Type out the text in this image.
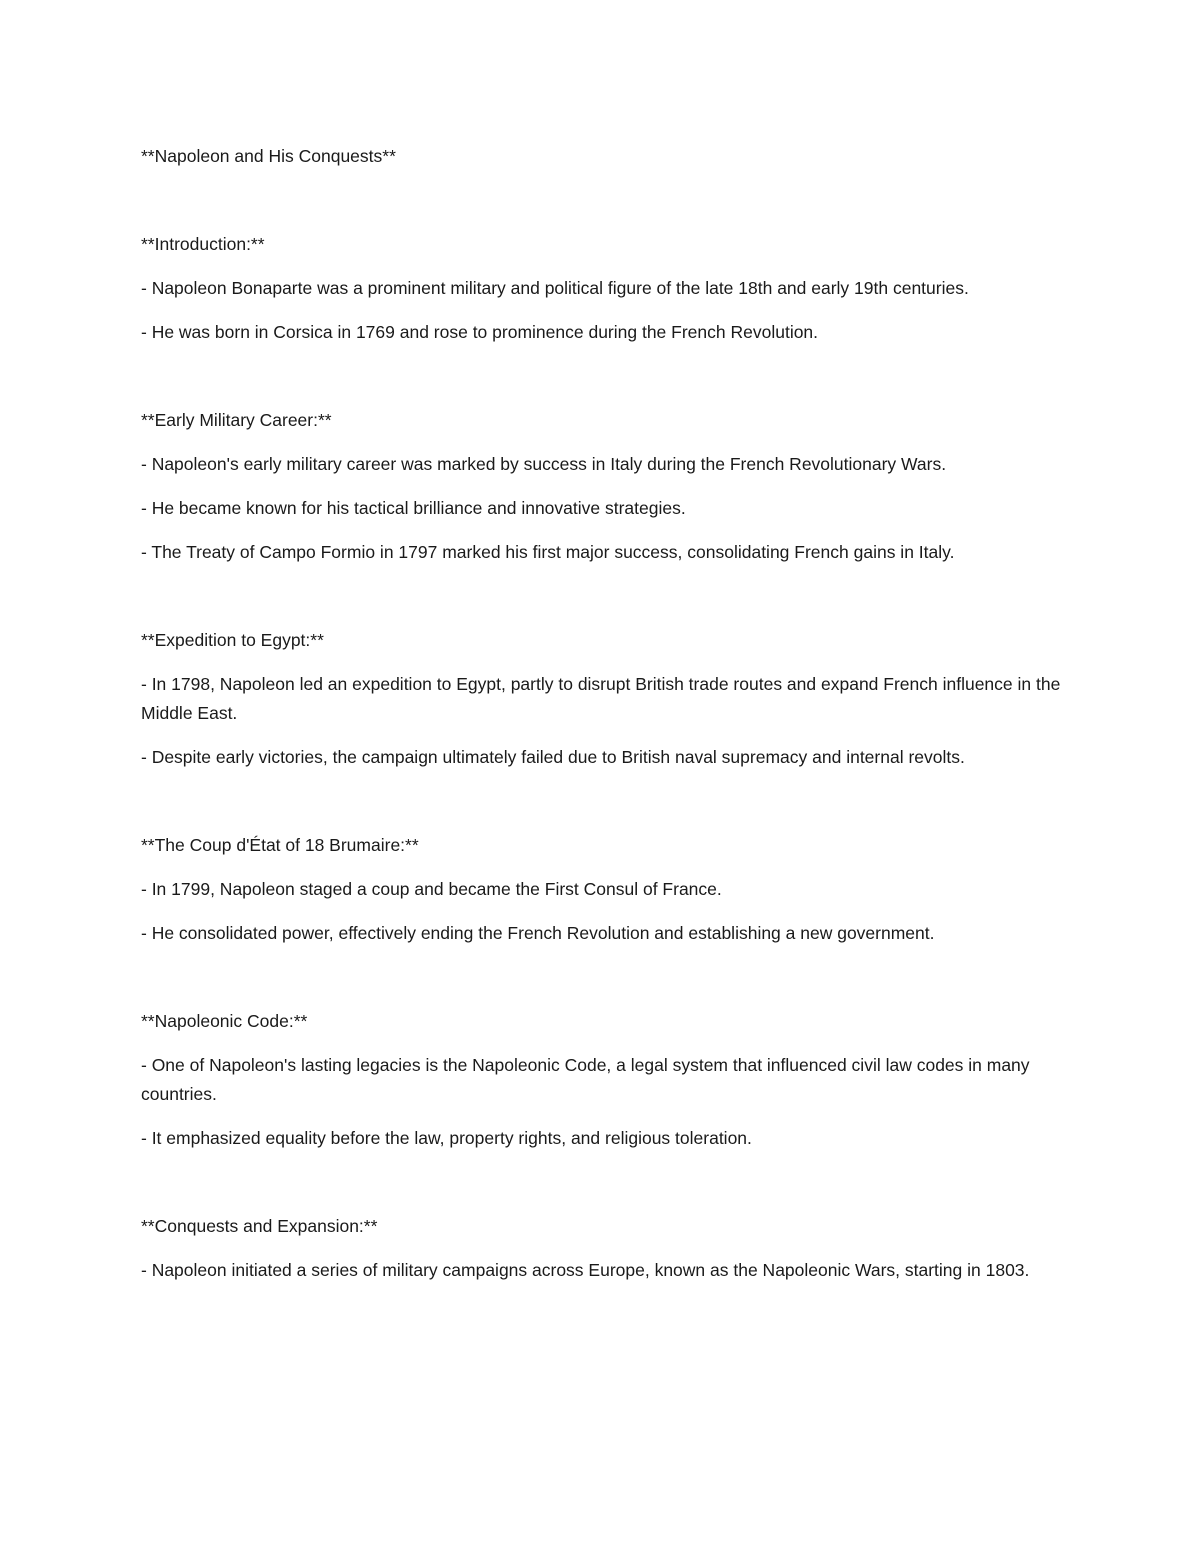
**Napoleon and His Conquests**
**Introduction:**
- Napoleon Bonaparte was a prominent military and political figure of the late 18th and early 19th centuries.
- He was born in Corsica in 1769 and rose to prominence during the French Revolution.
**Early Military Career:**
- Napoleon's early military career was marked by success in Italy during the French Revolutionary Wars.
- He became known for his tactical brilliance and innovative strategies.
- The Treaty of Campo Formio in 1797 marked his first major success, consolidating French gains in Italy.
**Expedition to Egypt:**
- In 1798, Napoleon led an expedition to Egypt, partly to disrupt British trade routes and expand French influence in the Middle East.
- Despite early victories, the campaign ultimately failed due to British naval supremacy and internal revolts.
**The Coup d'État of 18 Brumaire:**
- In 1799, Napoleon staged a coup and became the First Consul of France.
- He consolidated power, effectively ending the French Revolution and establishing a new government.
**Napoleonic Code:**
- One of Napoleon's lasting legacies is the Napoleonic Code, a legal system that influenced civil law codes in many countries.
- It emphasized equality before the law, property rights, and religious toleration.
**Conquests and Expansion:**
- Napoleon initiated a series of military campaigns across Europe, known as the Napoleonic Wars, starting in 1803.
